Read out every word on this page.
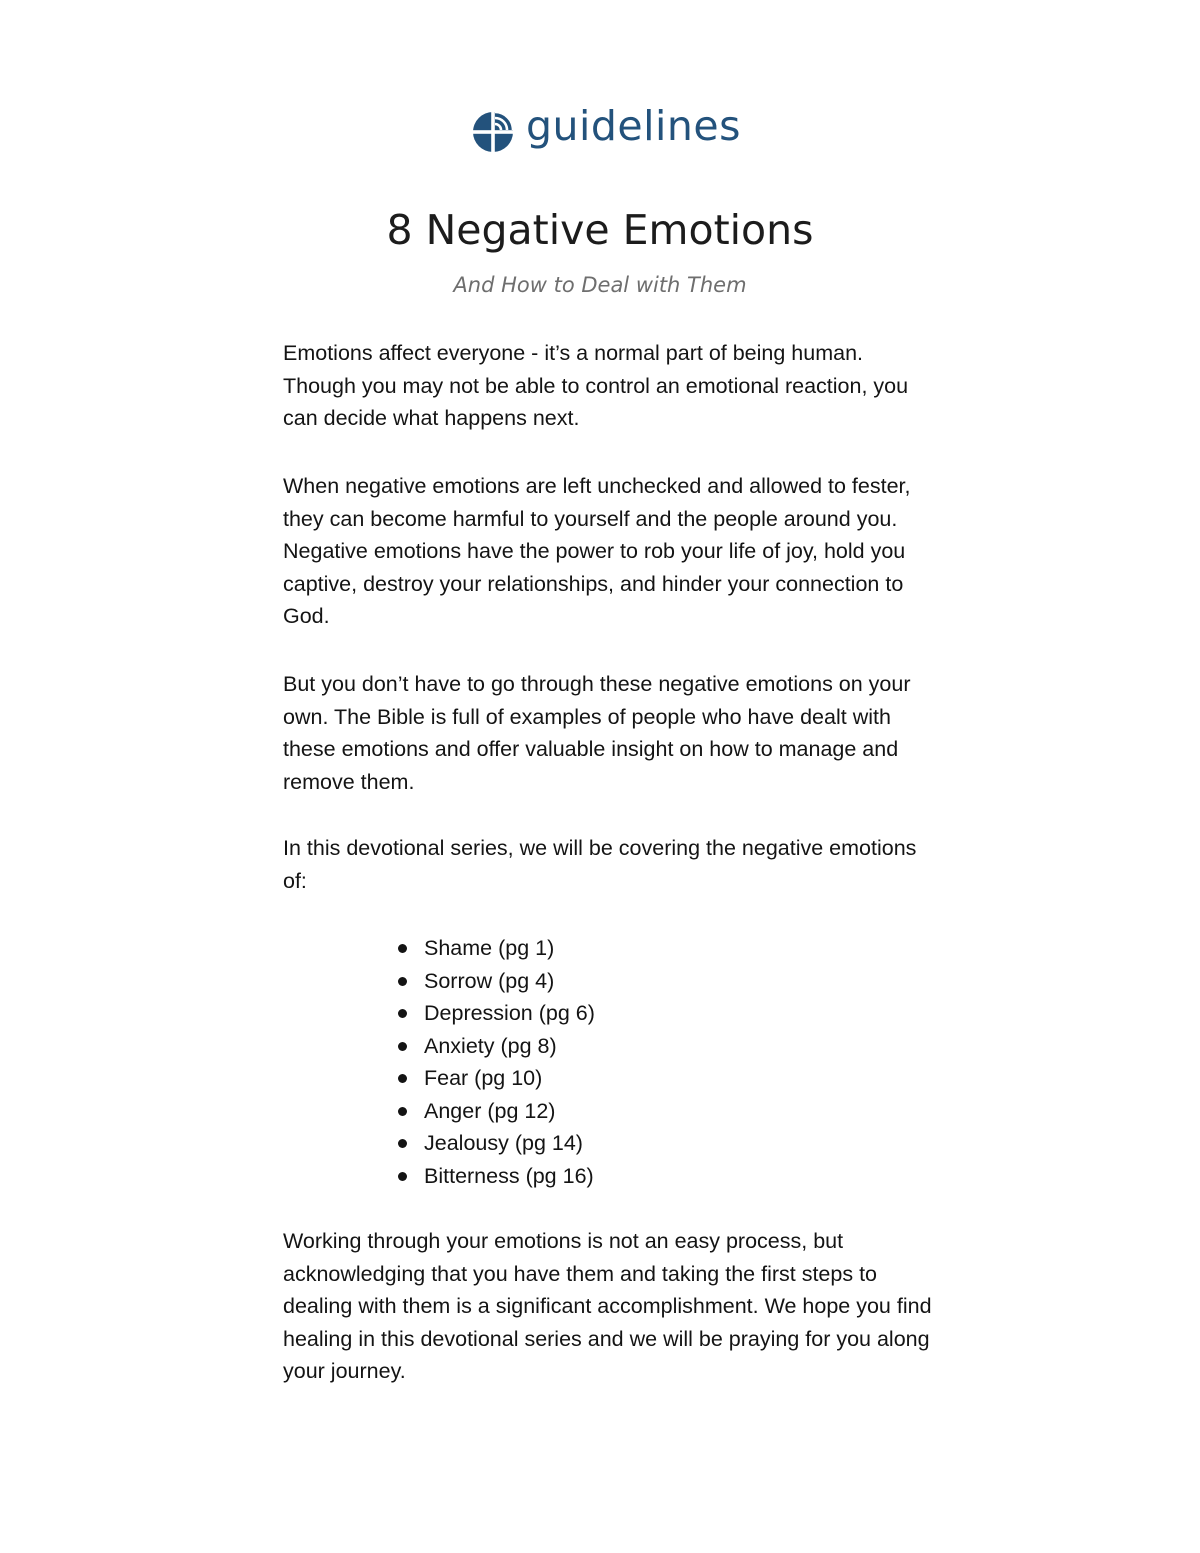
guidelines
8 Negative Emotions

And How to Deal with Them

Emotions affect everyone - it’s a normal part of being human. Though you may not be able to control an emotional reaction, you can decide what happens next.

When negative emotions are left unchecked and allowed to fester, they can become harmful to yourself and the people around you. Negative emotions have the power to rob your life of joy, hold you captive, destroy your relationships, and hinder your connection to God.

But you don’t have to go through these negative emotions on your own. The Bible is full of examples of people who have dealt with these emotions and offer valuable insight on how to manage and remove them.

In this devotional series, we will be covering the negative emotions of:

Shame (pg 1)
Sorrow (pg 4)
Depression (pg 6)
Anxiety (pg 8)
Fear (pg 10)
Anger (pg 12)
Jealousy (pg 14)
Bitterness (pg 16)

Working through your emotions is not an easy process, but acknowledging that you have them and taking the first steps to dealing with them is a significant accomplishment. We hope you find healing in this devotional series and we will be praying for you along your journey.
